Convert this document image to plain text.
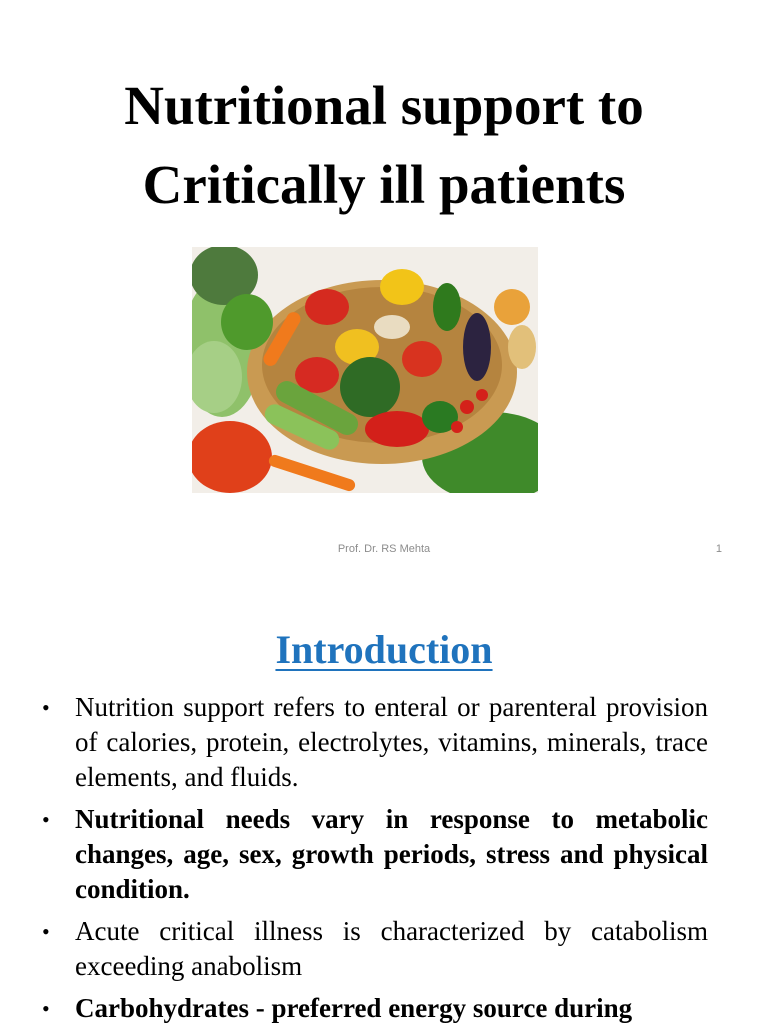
Nutritional support to
Critically ill patients
Prof. Dr. RS Mehta	1
Introduction
• Nutrition support refers to enteral or parenteral provision of calories, protein, electrolytes, vitamins, minerals, trace elements, and fluids.
• Nutritional needs vary in response to metabolic changes, age, sex, growth periods, stress and physical condition.
• Acute critical illness is characterized by catabolism exceeding anabolism
• Carbohydrates - preferred energy source during
